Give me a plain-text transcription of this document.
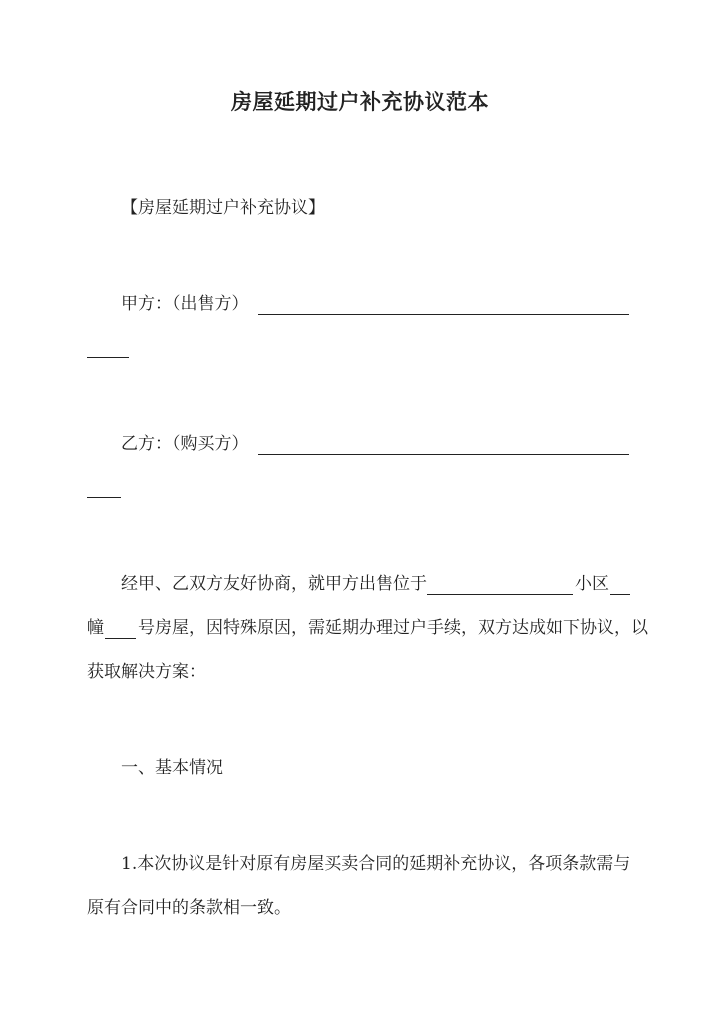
房屋延期过户补充协议范本
【房屋延期过户补充协议】
甲方：（出售方）
乙方：（购买方）
经甲、乙双方友好协商，就甲方出售位于	小区
幢 号房屋，因特殊原因，需延期办理过户手续，双方达成如下协议，以
获取解决方案：
一、基本情况
1.本次协议是针对原有房屋买卖合同的延期补充协议，各项条款需与
原有合同中的条款相一致。
